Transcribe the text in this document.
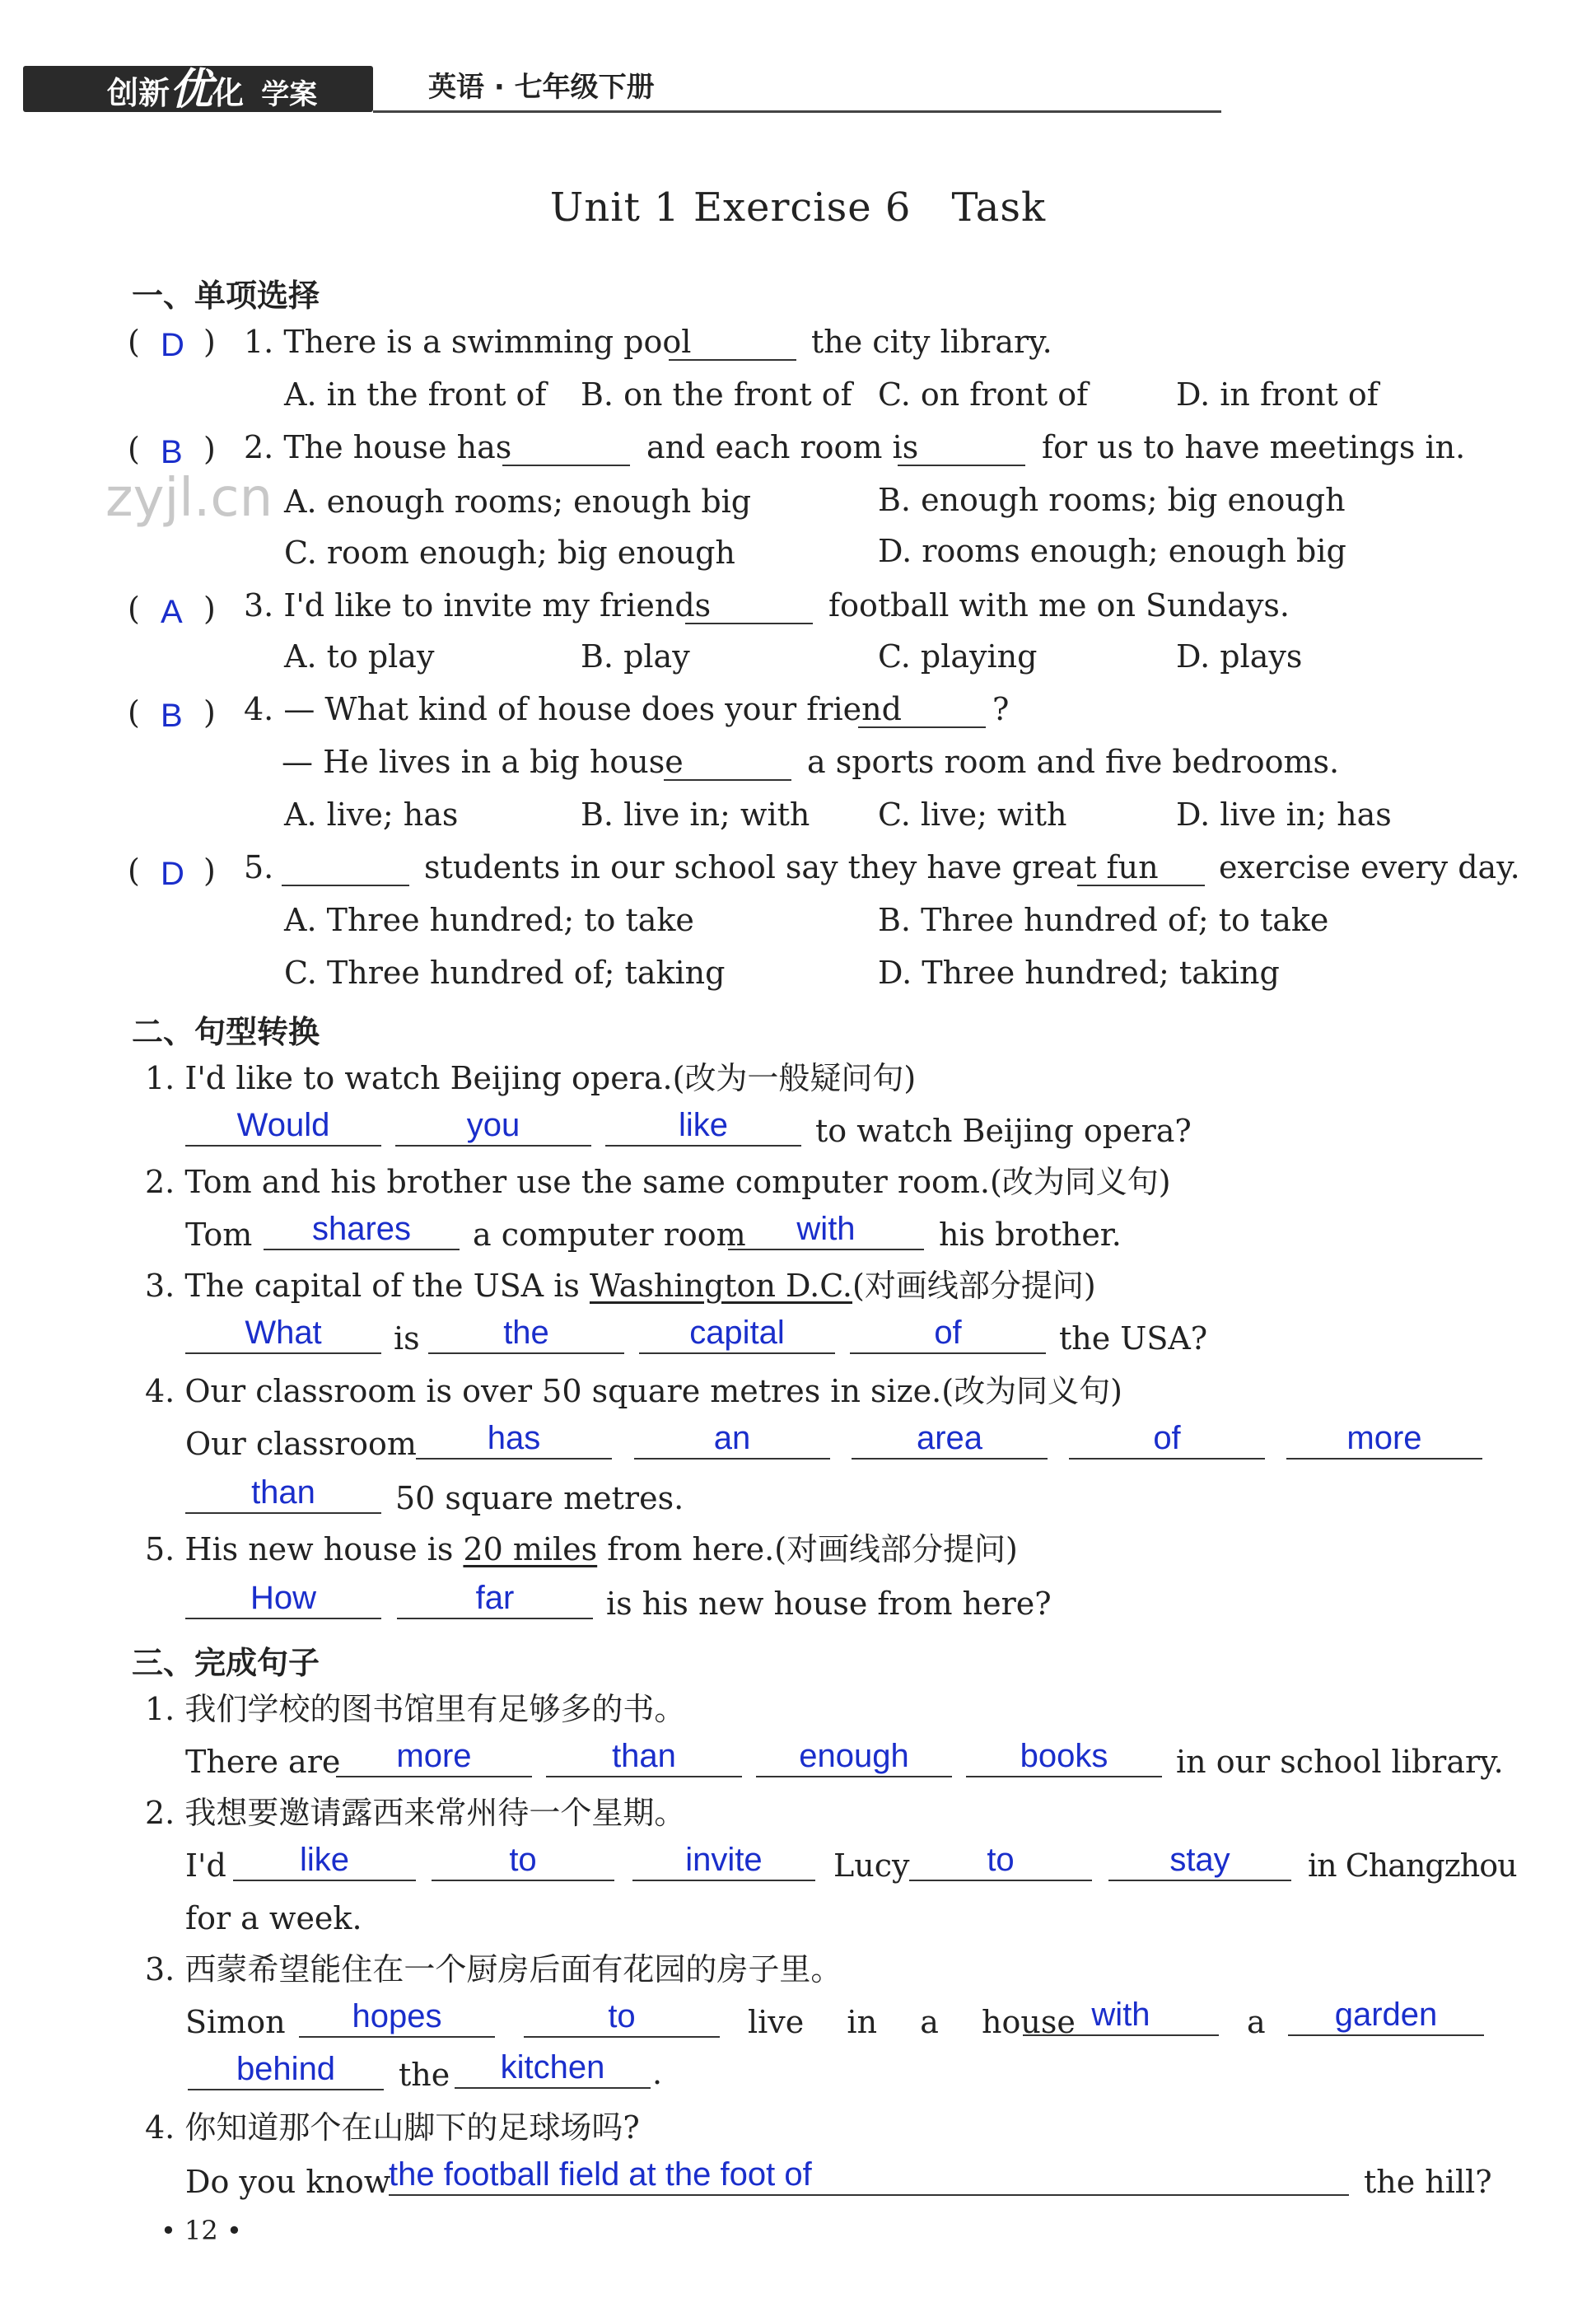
创新优化 学案	英语 · 七年级下册
Unit 1 Exercise 6　Task
zyjl.cn
一、单项选择
( D ) 1. There is a swimming pool	the city library.
A. in the front of B. on the front of C. on front of	D. in front of
( B ) 2. The house has	and each room is	for us to have meetings in.
A. enough rooms; enough big	B. enough rooms; big enough
C. room enough; big enough	D. rooms enough; enough big
( A ) 3. I'd like to invite my friends	football with me on Sundays.
A. to play	B. play	C. playing	D. plays
( B ) 4. — What kind of house does your friend	?
— He lives in a big house	a sports room and five bedrooms.
A. live; has	B. live in; with C. live; with	D. live in; has
( D ) 5.	students in our school say they have great fun exercise every day.
A. Three hundred; to take	B. Three hundred of; to take
C. Three hundred of; taking	D. Three hundred; taking
二、句型转换
1. I'd like to watch Beijing opera.(改为一般疑问句)
Would	you	like	to watch Beijing opera?
2. Tom and his brother use the same computer room.(改为同义句)
Tom	shares	a computer room	with	his brother.
3. The capital of the USA is Washington D.C.(对画线部分提问)
What	is	the	capital	of	the USA?
4. Our classroom is over 50 square metres in size.(改为同义句)
Our classroom	has	an	area	of	more
than	50 square metres.
5. His new house is 20 miles from here.(对画线部分提问)
How	far	is his new house from here?
三、完成句子
1. 我们学校的图书馆里有足够多的书。
There are	more	than	enough	books	in our school library.
2. 我想要邀请露西来常州待一个星期。
I'd	like	to	invite	Lucy	to	stay	in Changzhou
for a week.
3. 西蒙希望能住在一个厨房后面有花园的房子里。
Simon	hopes	to	live  in  a  house with	a	garden
behind	the	kitchen	.
4. 你知道那个在山脚下的足球场吗?
Do you know
the football field at the foot of	the hill?
• 12 •
